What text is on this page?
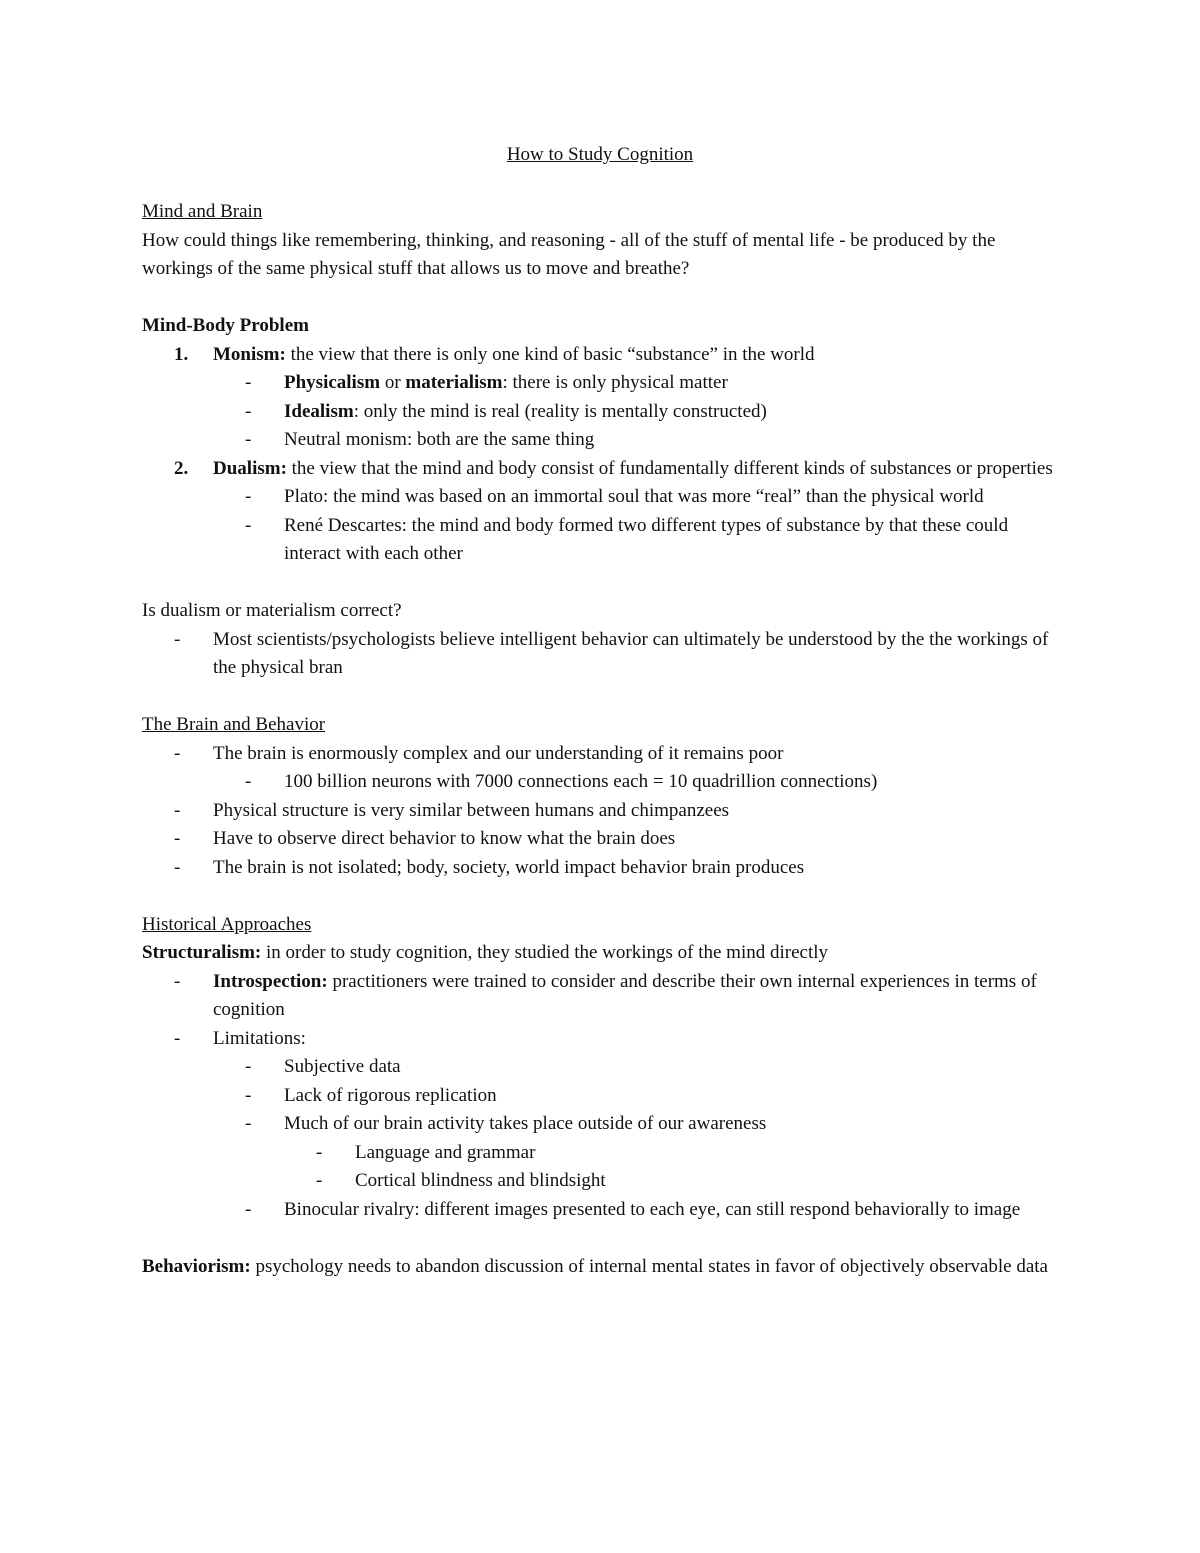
How to Study Cognition
Mind and Brain
How could things like remembering, thinking, and reasoning - all of the stuff of mental life - be produced by the workings of the same physical stuff that allows us to move and breathe?
Mind-Body Problem
1.	Monism: the view that there is only one kind of basic “substance” in the world
-	Physicalism or materialism: there is only physical matter
-	Idealism: only the mind is real (reality is mentally constructed)
-	Neutral monism: both are the same thing
2.	Dualism: the view that the mind and body consist of fundamentally different kinds of substances or properties
-	Plato: the mind was based on an immortal soul that was more “real” than the physical world
-	René Descartes: the mind and body formed two different types of substance by that these could interact with each other
Is dualism or materialism correct?
-	Most scientists/psychologists believe intelligent behavior can ultimately be understood by the the workings of the physical bran
The Brain and Behavior
-	The brain is enormously complex and our understanding of it remains poor
-	100 billion neurons with 7000 connections each = 10 quadrillion connections)
-	Physical structure is very similar between humans and chimpanzees
-	Have to observe direct behavior to know what the brain does
-	The brain is not isolated; body, society, world impact behavior brain produces
Historical Approaches
Structuralism: in order to study cognition, they studied the workings of the mind directly
-	Introspection: practitioners were trained to consider and describe their own internal experiences in terms of cognition
-	Limitations:
-	Subjective data
-	Lack of rigorous replication
-	Much of our brain activity takes place outside of our awareness
-	Language and grammar
-	Cortical blindness and blindsight
-	Binocular rivalry: different images presented to each eye, can still respond behaviorally to image
Behaviorism: psychology needs to abandon discussion of internal mental states in favor of objectively observable data
